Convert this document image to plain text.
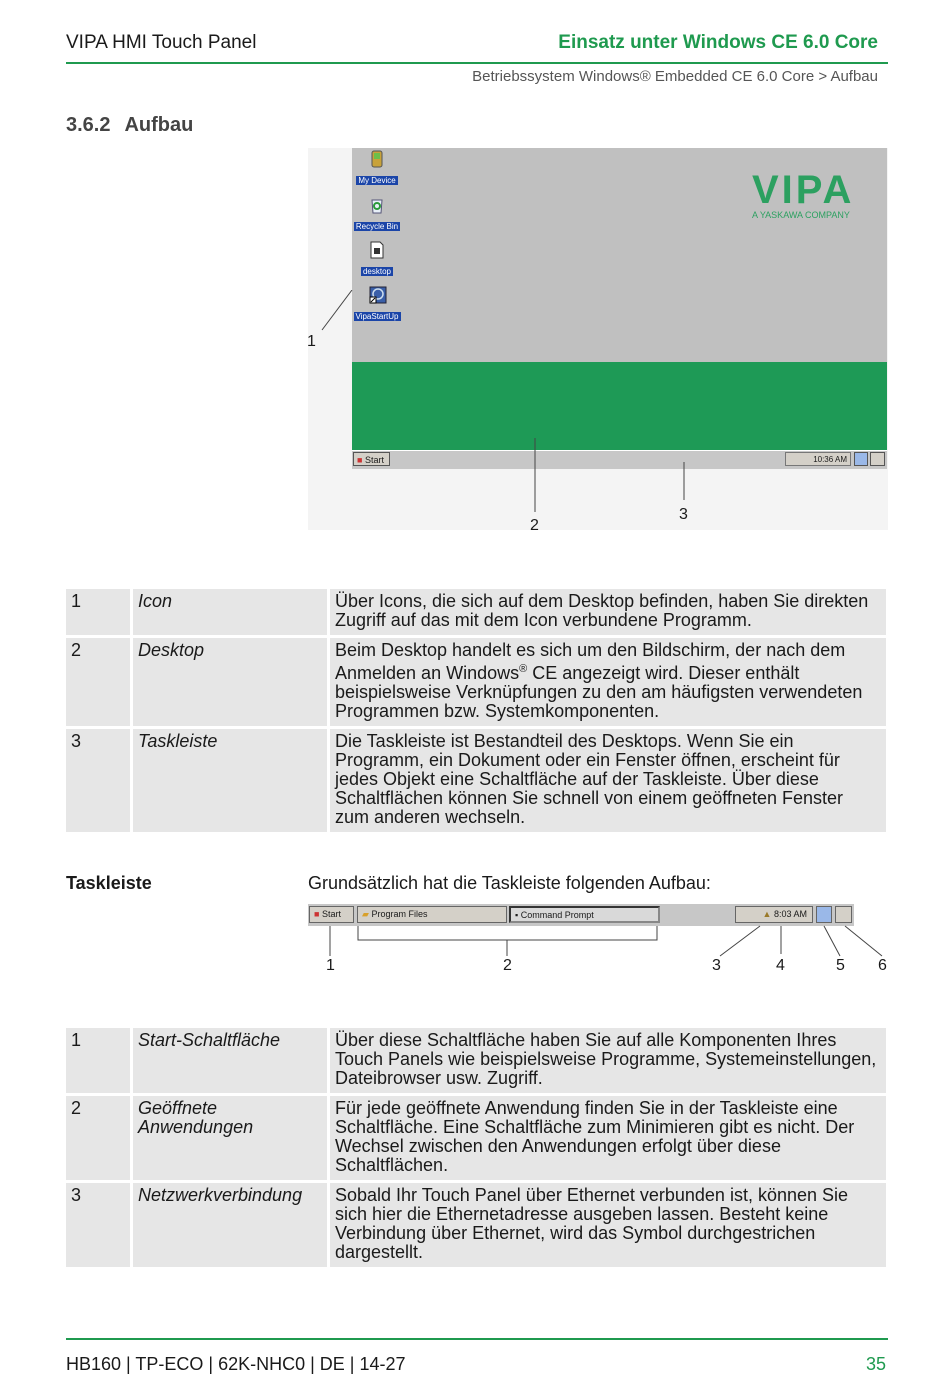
VIPA HMI Touch Panel	Einsatz unter Windows CE 6.0 Core
Betriebssystem Windows® Embedded CE 6.0 Core > Aufbau
3.6.2 Aufbau
My Device
Recycle Bin
desktop
VipaStartUp
VIPA
A YASKAWA COMPANY
■ Start	10:36 AM
1
2
3
1	Icon	Über Icons, die sich auf dem Desktop befinden, haben Sie direkten Zugriff auf das mit dem Icon verbundene Programm.
2	Desktop	Beim Desktop handelt es sich um den Bildschirm, der nach dem Anmelden an Windows® CE angezeigt wird. Dieser enthält beispielsweise Verknüpfungen zu den am häufigsten verwendeten Programmen bzw. Systemkomponenten.
3	Taskleiste	Die Taskleiste ist Bestandteil des Desktops. Wenn Sie ein Programm, ein Dokument oder ein Fenster öffnen, erscheint für jedes Objekt eine Schaltfläche auf der Taskleiste. Über diese Schaltflächen können Sie schnell von einem geöffneten Fenster zum anderen wechseln.
Taskleiste	Grundsätzlich hat die Taskleiste folgenden Aufbau:
■ Start	▰ Program Files	▪ Command Prompt	▲ 8:03 AM
1	2	3	4	5 6
1	Start-Schaltfläche	Über diese Schaltfläche haben Sie auf alle Komponenten Ihres Touch Panels wie beispielsweise Programme, Systemeinstellungen, Dateibrowser usw. Zugriff.
2	Geöffnete Anwendungen	Für jede geöffnete Anwendung finden Sie in der Taskleiste eine Schaltfläche. Eine Schaltfläche zum Minimieren gibt es nicht. Der Wechsel zwischen den Anwendungen erfolgt über diese Schaltflächen.
3	Netzwerkverbindung	Sobald Ihr Touch Panel über Ethernet verbunden ist, können Sie sich hier die Ethernetadresse ausgeben lassen. Besteht keine Verbindung über Ethernet, wird das Symbol durchgestrichen dargestellt.
HB160 | TP-ECO | 62K-NHC0 | DE | 14-27	35
